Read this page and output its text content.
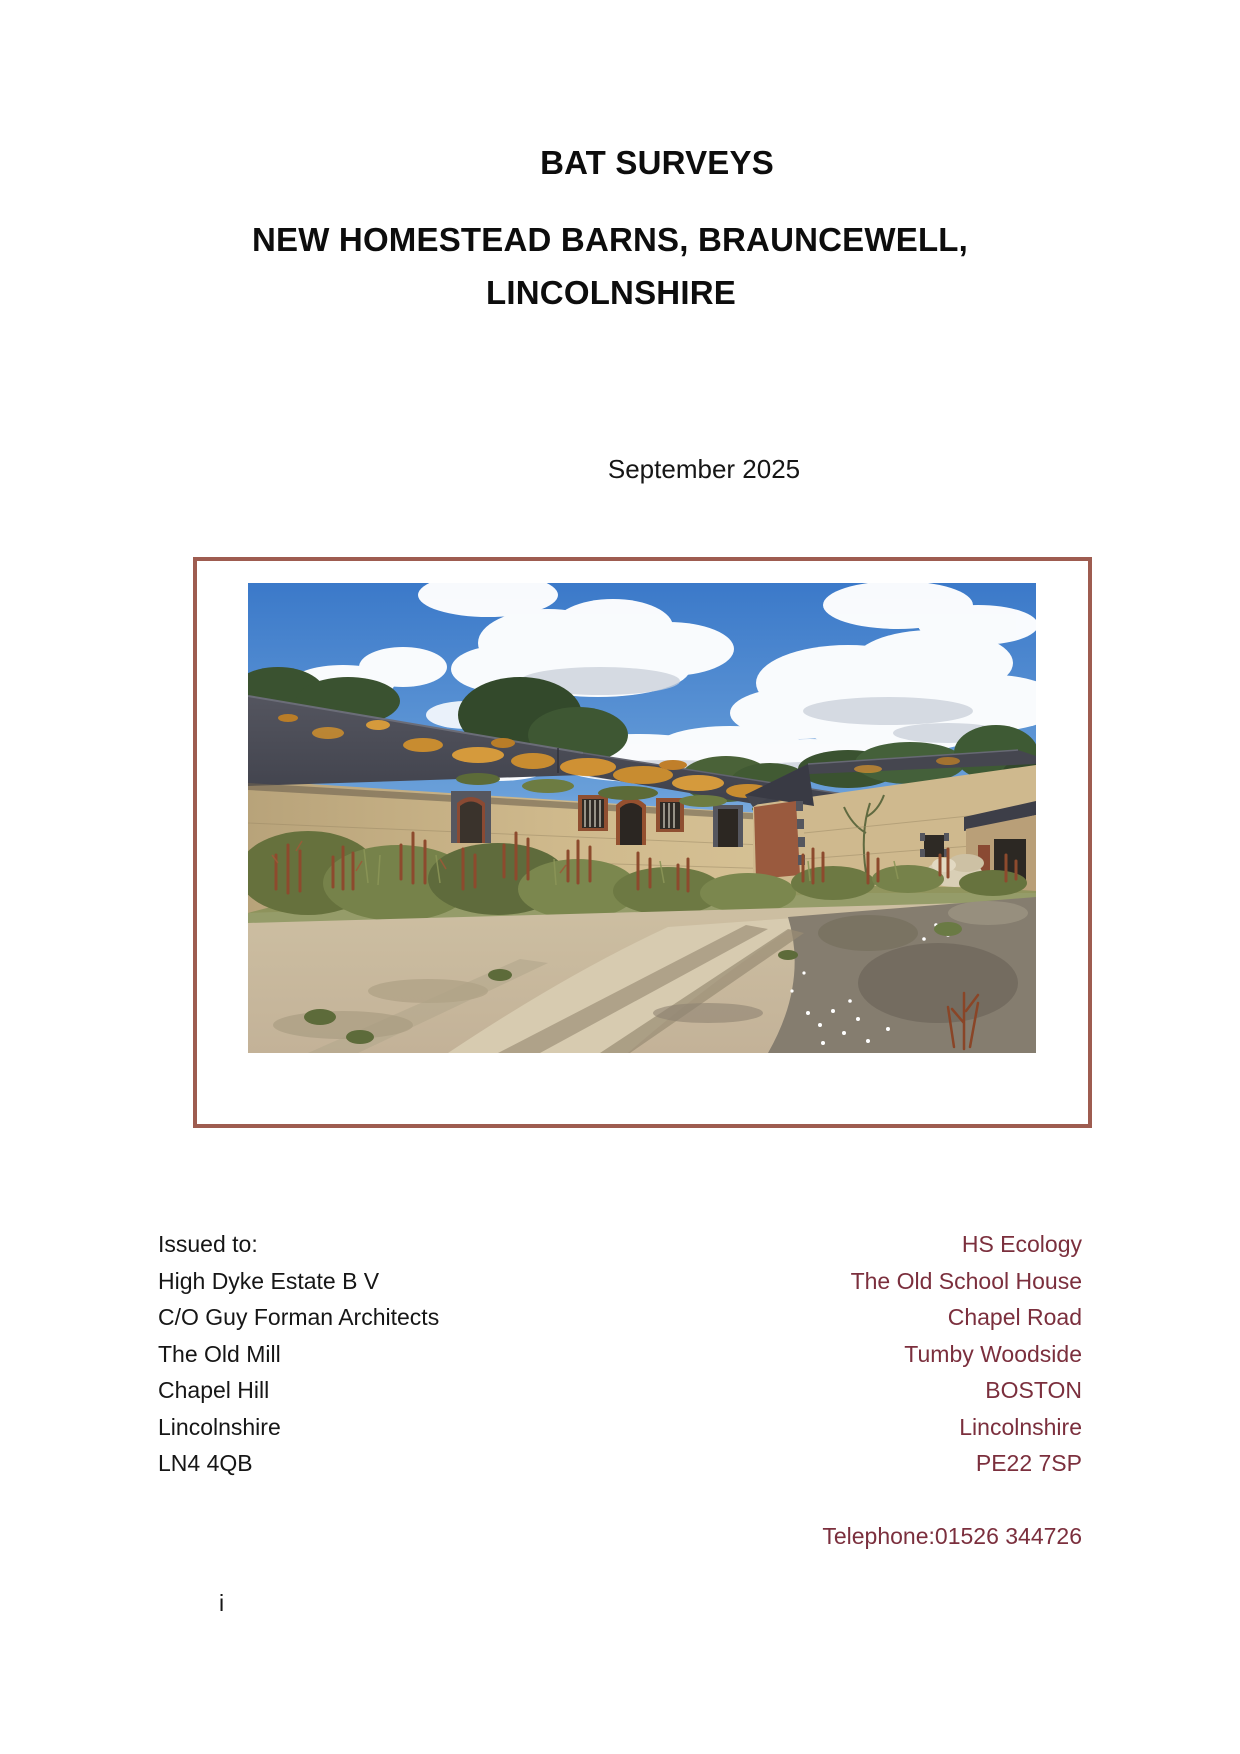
BAT SURVEYS
NEW HOMESTEAD BARNS, BRAUNCEWELL,
LINCOLNSHIRE
September 2025
Issued to:
High Dyke Estate B V
C/O Guy Forman Architects
The Old Mill
Chapel Hill
Lincolnshire
LN4 4QB
HS Ecology
The Old School House
Chapel Road
Tumby Woodside
BOSTON
Lincolnshire
PE22 7SP
Telephone:01526 344726
i
